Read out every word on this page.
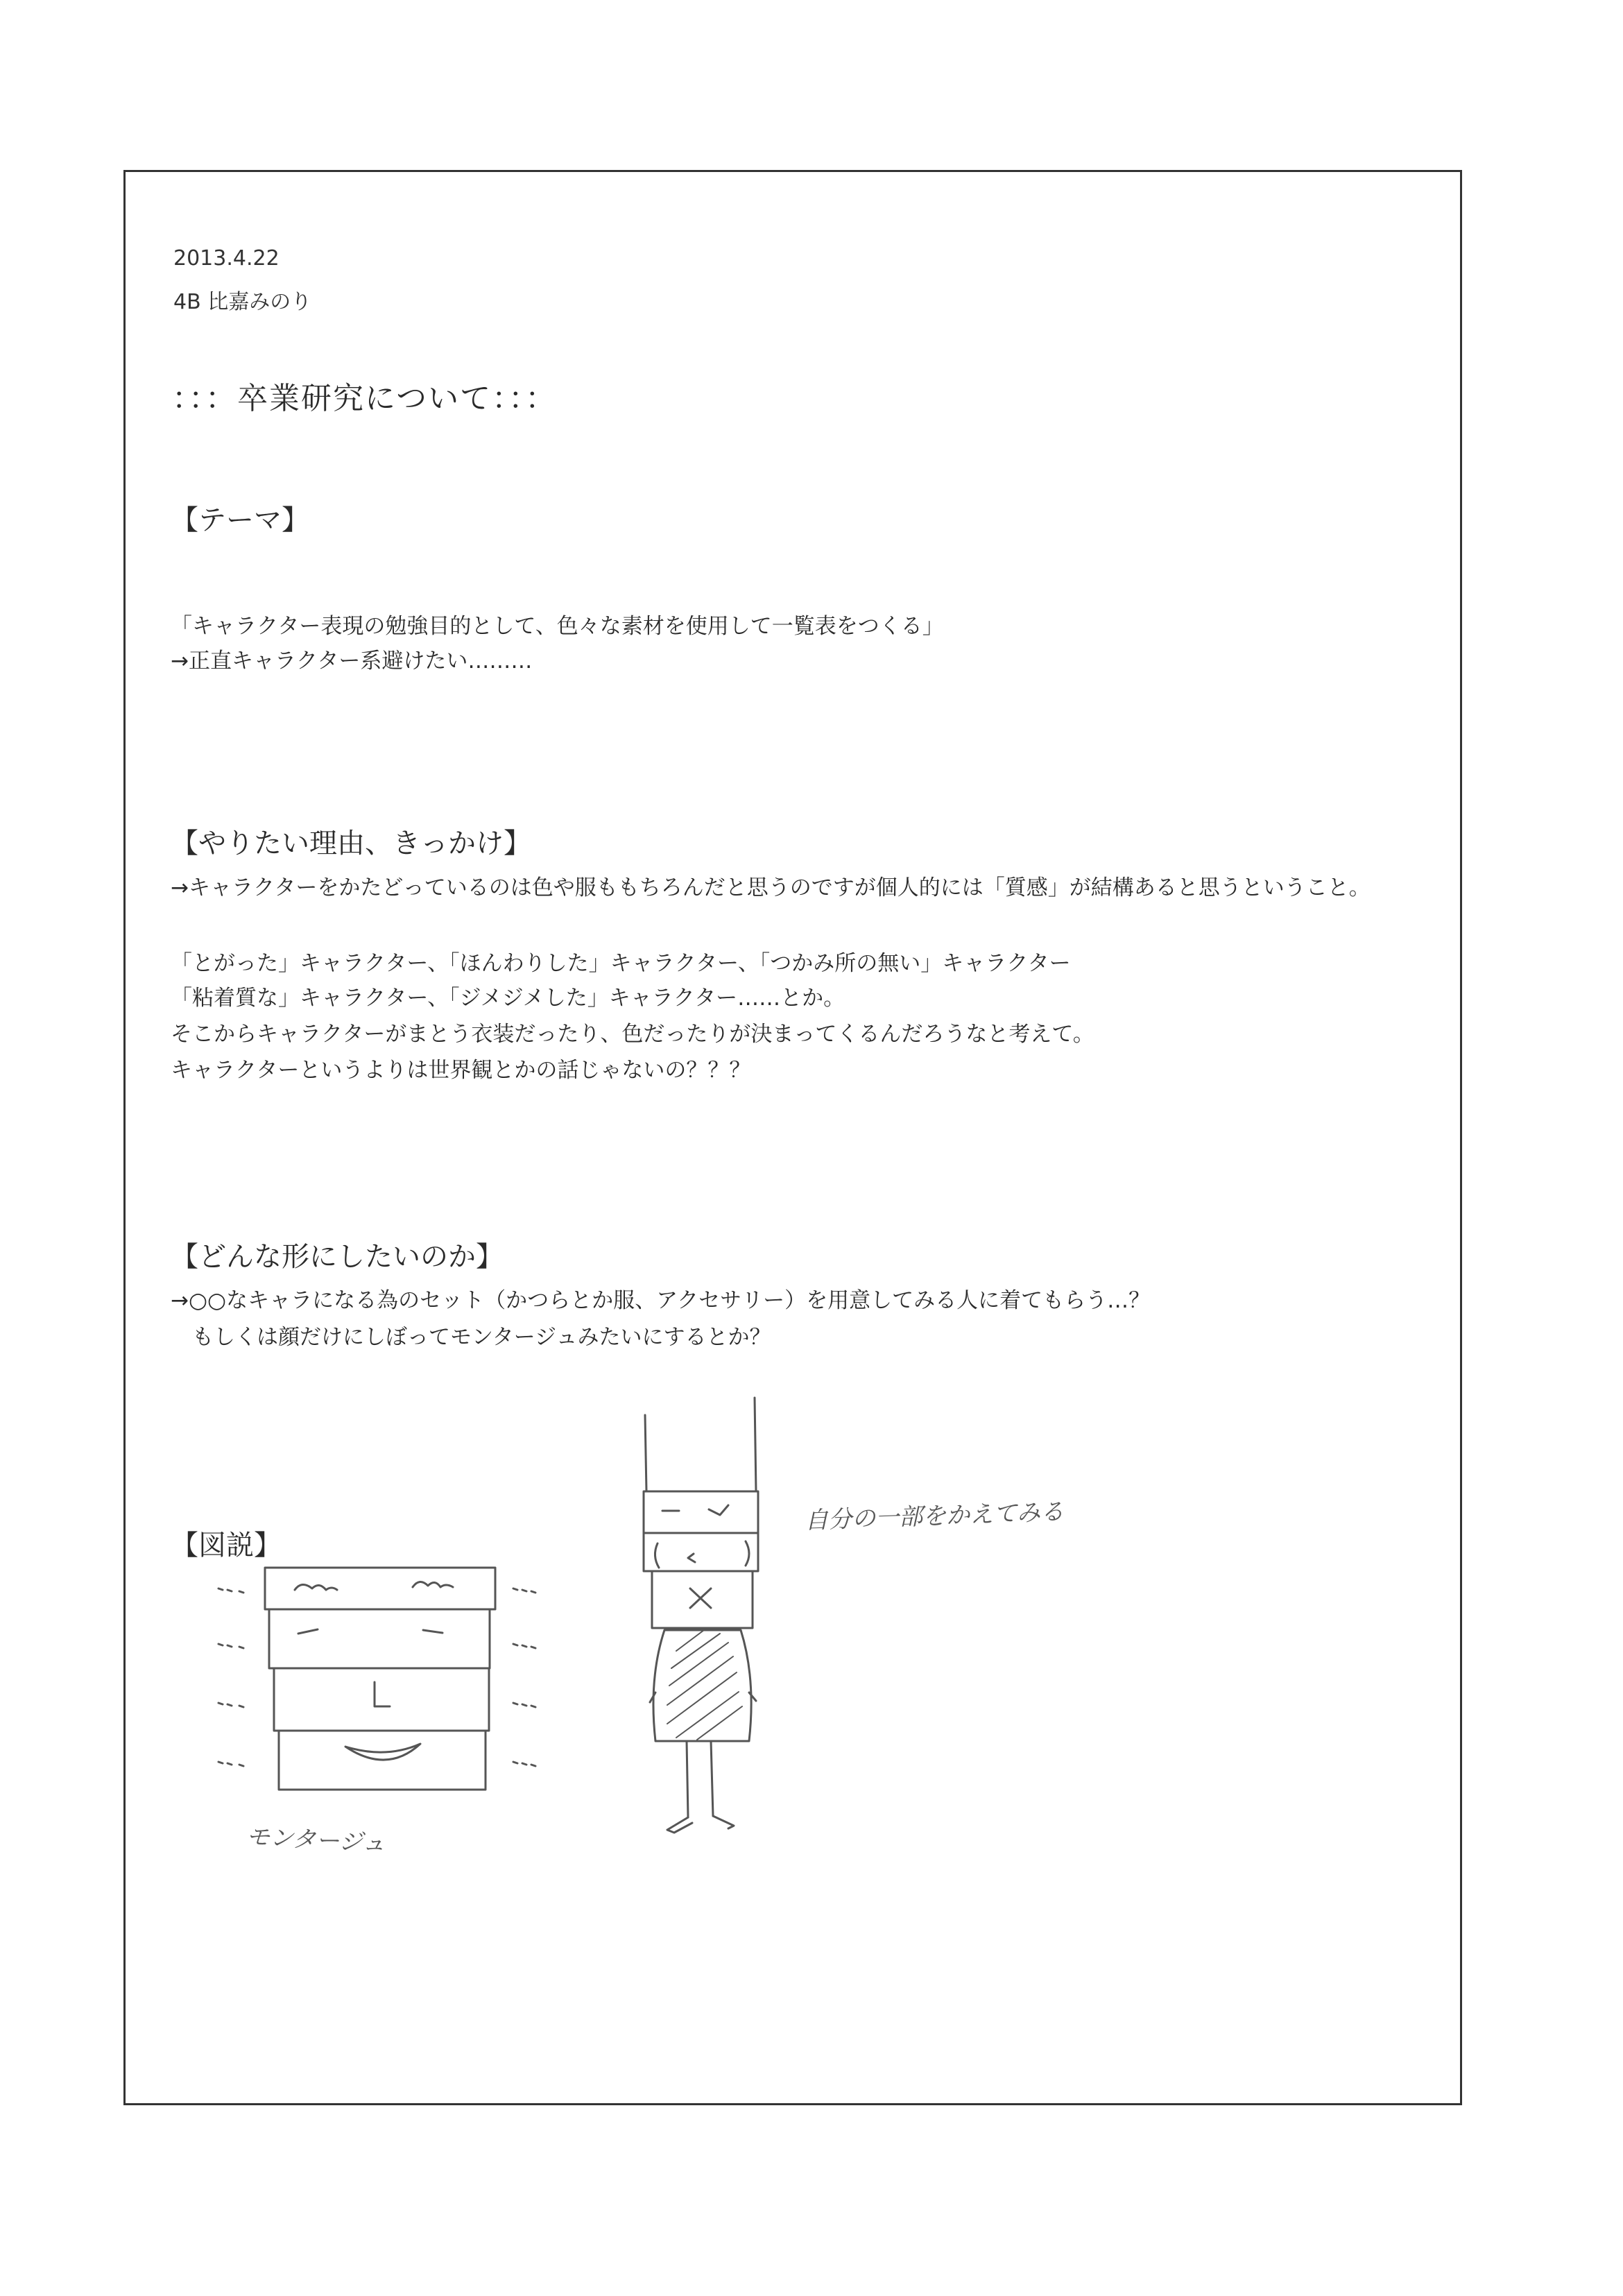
2013.4.22
4B 比嘉みのり
：：：卒業研究について：：：
【テーマ】
「キャラクター表現の勉強目的として、色々な素材を使用して一覧表をつくる」
→正直キャラクター系避けたい………
【やりたい理由、きっかけ】
→キャラクターをかたどっているのは色や服ももちろんだと思うのですが個人的には「質感」が結構あると思うということ。
「とがった」キャラクター、「ほんわりした」キャラクター、「つかみ所の無い」キャラクター
「粘着質な」キャラクター、「ジメジメした」キャラクター……とか。
そこからキャラクターがまとう衣装だったり、色だったりが決まってくるんだろうなと考えて。
キャラクターというよりは世界観とかの話じゃないの？？？
【どんな形にしたいのか】
→○○なキャラになる為のセット（かつらとか服、アクセサリー）を用意してみる人に着てもらう…？
　もしくは顔だけにしぼってモンタージュみたいにするとか？
【図説】
モンタージュ
自分の一部をかえてみる
